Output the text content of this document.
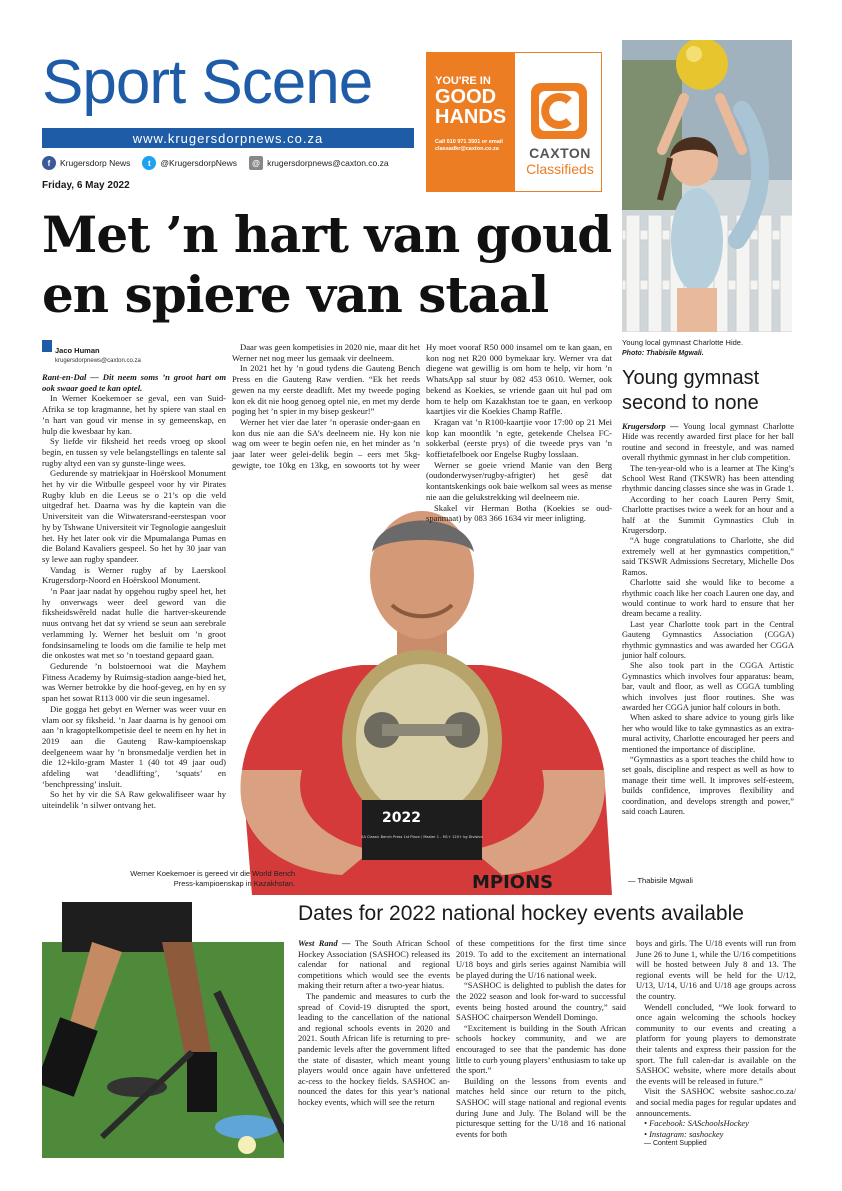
Sport Scene
www.krugersdorpnews.co.za
f	Krugersdorp News	t	@KrugersdorpNews	@ krugersdorpnews@caxton.co.za
Friday, 6 May 2022
YOU'RE IN
GOOD
HANDS
Call 010 971 3501 or email classadkr@caxton.co.za	CAXTON
Classifieds
Young local gymnast Charlotte Hide.
Photo: Thabisile Mgwali.
Met ’n hart van goud en spiere van staal
Jaco Human
krugersdorpnews@caxton.co.za

Rant-en-Dal — Dit neem soms ’n groot hart om ook swaar goed te kan optel.

In Werner Koekemoer se geval, een van Suid-Afrika se top kragmanne, het hy spiere van staal en ’n hart van goud vir mense in sy gemeenskap, en hulp die kwesbaar hy kan.

Sy liefde vir fiksheid het reeds vroeg op skool begin, en tussen sy vele belangstellings en talente sal rugby altyd een van sy gunste-linge wees.

Gedurende sy matriekjaar in Hoërskool Monument het hy vir die Witbulle gespeel voor hy vir Pirates Rugby klub en die Leeus se o 21’s op die veld uitgedraf het. Daarna was hy die kaptein van die Universiteit van die Witwatersrand-eerstespan voor hy by Tshwane Universiteit vir Tegnologie aangesluit het. Hy het later ook vir die Mpumalanga Pumas en die Boland Kavaliers gespeel. So het hy 30 jaar van sy lewe aan rugby spandeer.

Vandag is Werner rugby af by Laerskool Krugersdorp-Noord en Hoërskool Monument.

’n Paar jaar nadat hy opgehou rugby speel het, het hy onverwags weer deel geword van die fiksheidswêreld nadat hulle die hartver-skeurende nuus ontvang het dat sy vriend se seun aan serebrale verlamming ly. Werner het besluit om ’n groot fondsinsameling te loods om die familie te help met die onkostes wat met so ’n toestand gepaard gaan.

Gedurende ’n bolstoernooi wat die Mayhem Fitness Academy by Ruimsig-stadion aange-bied het, was Werner betrokke by die hoof-geveg, en hy en sy span het sowat R113 000 vir die seun ingesamel.

Die gogga het gebyt en Werner was weer vuur en vlam oor sy fiksheid. ’n Jaar daarna is hy genooi om aan ’n kragoptelkompetisie deel te neem en hy het in 2019 aan die Gauteng Raw-kampioenskap deelgeneem waar hy ’n bronsmedalje verdien het in die 12+kilo-gram Master 1 (40 tot 49 jaar oud) afdeling wat ‘deadlifting’, ‘squats’ en ‘benchpressing’ insluit.

So het hy vir die SA Raw gekwalifiseer waar hy uiteindelik ’n silwer ontvang het.

Daar was geen kompetisies in 2020 nie, maar dit het Werner net nog meer lus gemaak vir deelneem.

In 2021 het hy ’n goud tydens die Gauteng Bench Press en die Gauteng Raw verdien. “Ek het reeds gewen na my eerste deadlift. Met my tweede poging kon ek dit nie hoog genoeg optel nie, en met my derde poging het ’n spier in my bisep geskeur!”

Werner het vier dae later ’n operasie onder-gaan en kon dus nie aan die SA’s deelneem nie. Hy kon nie wag om weer te begin oefen nie, en het minder as ’n jaar later weer gelei-delik begin – eers met 5kg-gewigte, toe 10kg en 13kg, en sowoorts tot hy weer

2022
SA Classic Bench Press 1st Place / Master 1 - M1+ 120+ kg Division
MPIONS

Hy moet vooraf R50 000 insamel om te kan gaan, en kon nog net R20 000 bymekaar kry. Werner vra dat diegene wat gewillig is om hom te help, vir hom ’n WhatsApp sal stuur by 082 453 0610. Werner, ook bekend as Koekies, se vriende gaan uit hul pad om hom te help om Kazakhstan toe te gaan, en verkoop kaartjies vir die Koekies Champ Raffle.

Kragan vat ’n R100-kaartjie voor 17:00 op 21 Mei kop kan moontlik ’n egte, getekende Chelsea FC-sokkerbal (eerste prys) of die tweede prys van ’n koffietafelboek oor Engelse Rugby losslaan.

Werner se goeie vriend Manie van den Berg (oudonderwyser/rugby-afrigter) het gesê dat kontantskenkings ook baie welkom sal wees as mense nie aan die gelukstrekking wil deelneem nie.

Skakel vir Herman Botha (Koekies se oud-spanmaat) by 083 366 1634 vir meer inligting.

Werner Koekemoer is gereed vir die World Bench Press-kampioenskap in Kazakhstan.
Young gymnast second to none

Krugersdorp — Young local gymnast Charlotte Hide was recently awarded first place for her ball routine and second in freestyle, and was named overall rhythmic gymnast in her club competition.

The ten-year-old who is a learner at The King’s School West Rand (TKSWR) has been attending rhythmic dancing classes since she was in Grade 1.

According to her coach Lauren Perry Smit, Charlotte practises twice a week for an hour and a half at the Summit Gymnastics Club in Krugersdorp.

“A huge congratulations to Charlotte, she did extremely well at her gymnastics competition,” said TKSWR Admissions Secretary, Michelle Dos Ramos.

Charlotte said she would like to become a rhythmic coach like her coach Lauren one day, and would continue to work hard to ensure that her dream became a reality.

Last year Charlotte took part in the Central Gauteng Gymnastics Association (CGGA) rhythmic gymnastics and was awarded her CGGA junior half colours.

She also took part in the CGGA Artistic Gymnastics which involves four apparatus: beam, bar, vault and floor, as well as CGGA tumbling which involves just floor routines. She was awarded her CGGA junior half colours in both.

When asked to share advice to young girls like her who would like to take gymnastics as an extra-mural activity, Charlotte encouraged her peers and mentioned the importance of discipline.

“Gymnastics as a sport teaches the child how to set goals, discipline and respect as well as how to manage their time well. It improves self-esteem, builds confidence, improves flexibility and coordination, and develops strength and power,” said coach Lauren.

— Thabisile Mgwali
Dates for 2022 national hockey events available

West Rand — The South African School Hockey Association (SASHOC) released its calendar for national and regional competitions which would see the events making their return after a two-year hiatus.

The pandemic and measures to curb the spread of Covid-19 disrupted the sport, leading to the cancellation of the national and regional schools events in 2020 and 2021. South African life is returning to pre-pandemic levels after the government lifted the state of disaster, which meant young players would once again have unfettered ac-cess to the hockey fields. SASHOC an-nounced the dates for this year’s national hockey events, which will see the return

of these competitions for the first time since 2019. To add to the excitement an international U/18 boys and girls series against Namibia will be played during the U/16 national week.

“SASHOC is delighted to publish the dates for the 2022 season and look for-ward to successful events being hosted around the country,” said SASHOC chairperson Wendell Domingo.

“Excitement is building in the South African schools hockey community, and we are encouraged to see that the pandemic has done little to curb young players’ enthusiasm to take up the sport.”

Building on the lessons from events and matches held since our return to the pitch, SASHOC will stage national and regional events during June and July. The Boland will be the picturesque setting for the U/18 and 16 national events for both

boys and girls. The U/18 events will run from June 26 to June 1, while the U/16 competitions will be hosted between July 8 and 13. The regional events will be held for the U/12, U/13, U/14, U/16 and U/18 age groups across the country.

Wendell concluded, “We look forward to once again welcoming the schools hockey community to our events and creating a platform for young players to demonstrate their talents and express their passion for the sport. The full calen-dar is available on the SASHOC website, where more details about the events will be released in future.”

Visit the SASHOC website sashoc.co.za/ and social media pages for regular updates and announcements.

• Facebook: SASchoolsHockey

• Instagram: sashockey

— Content Supplied
